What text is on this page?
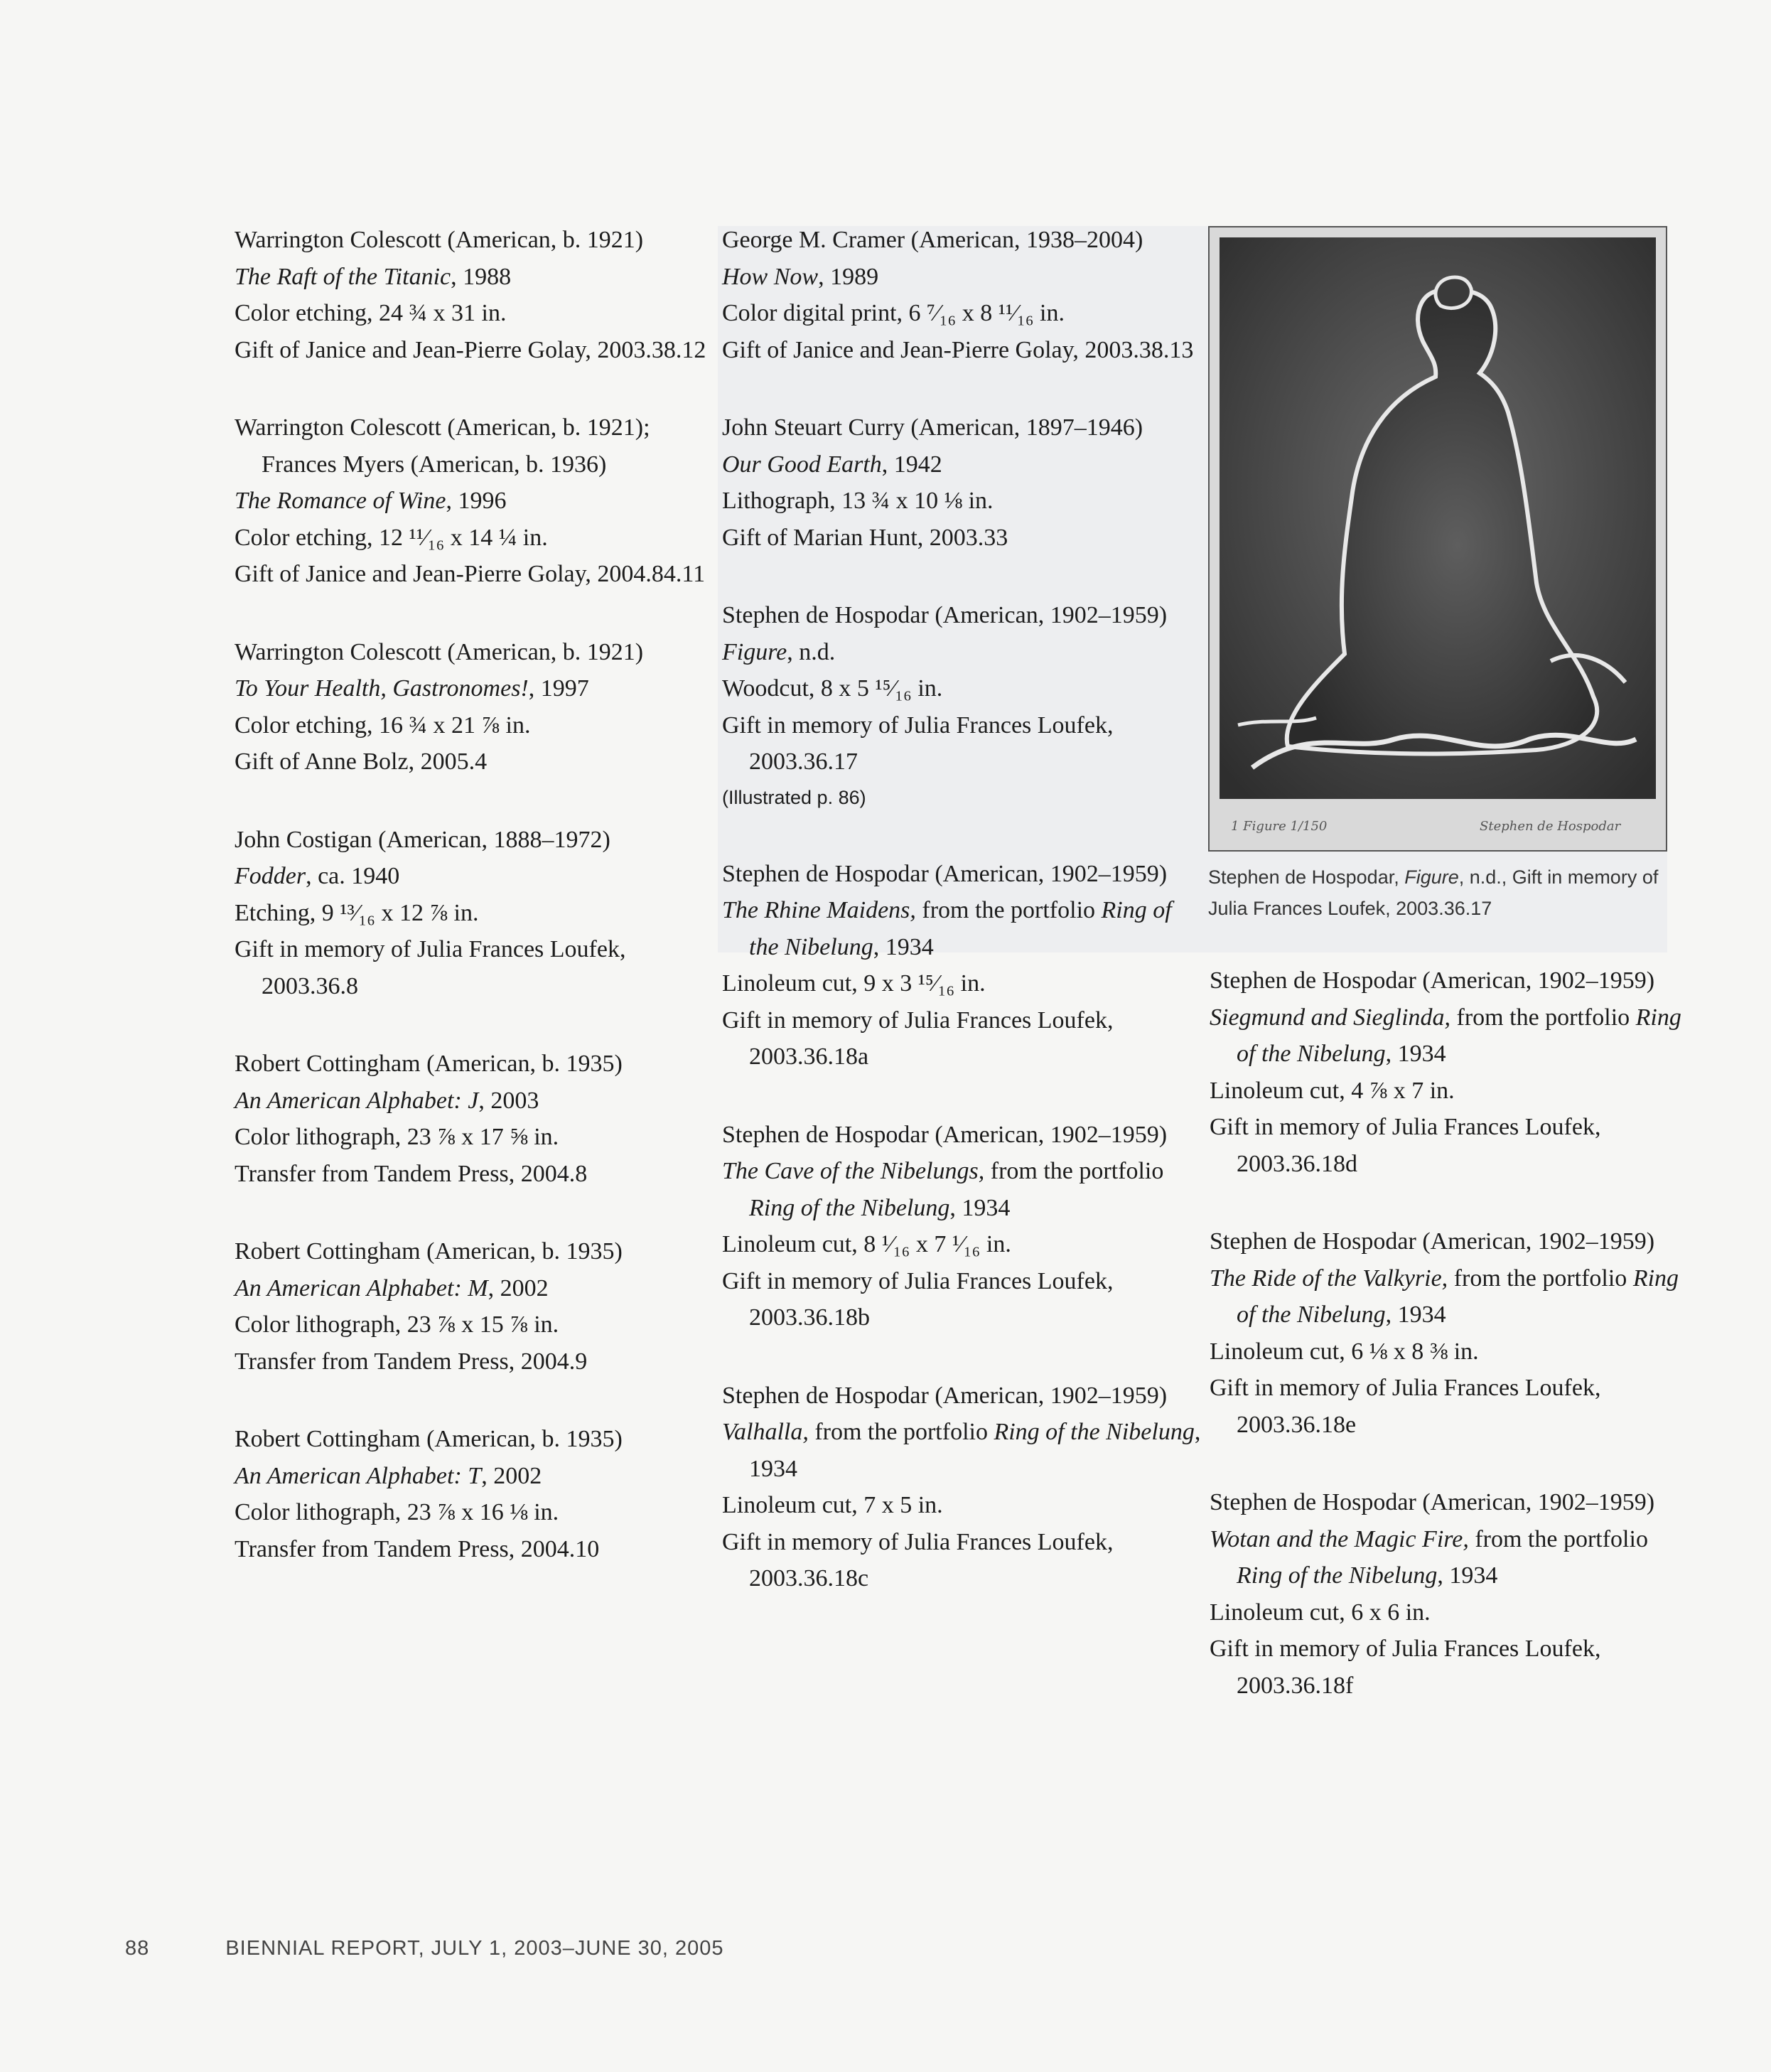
Warrington Colescott (American, b. 1921)

The Raft of the Titanic, 1988

Color etching, 24 ¾ x 31 in.

Gift of Janice and Jean-Pierre Golay, 2003.38.12

Warrington Colescott (American, b. 1921); Frances Myers (American, b. 1936)

The Romance of Wine, 1996

Color etching, 12 ¹¹⁄₁₆ x 14 ¼ in.

Gift of Janice and Jean-Pierre Golay, 2004.84.11

Warrington Colescott (American, b. 1921)

To Your Health, Gastronomes!, 1997

Color etching, 16 ¾ x 21 ⅞ in.

Gift of Anne Bolz, 2005.4

John Costigan (American, 1888–1972)

Fodder, ca. 1940

Etching, 9 ¹³⁄₁₆ x 12 ⅞ in.

Gift in memory of Julia Frances Loufek, 2003.36.8

Robert Cottingham (American, b. 1935)

An American Alphabet: J, 2003

Color lithograph, 23 ⅞ x 17 ⅝ in.

Transfer from Tandem Press, 2004.8

Robert Cottingham (American, b. 1935)

An American Alphabet: M, 2002

Color lithograph, 23 ⅞ x 15 ⅞ in.

Transfer from Tandem Press, 2004.9

Robert Cottingham (American, b. 1935)

An American Alphabet: T, 2002

Color lithograph, 23 ⅞ x 16 ⅛ in.

Transfer from Tandem Press, 2004.10

George M. Cramer (American, 1938–2004)

How Now, 1989

Color digital print, 6 ⁷⁄₁₆ x 8 ¹¹⁄₁₆ in.

Gift of Janice and Jean-Pierre Golay, 2003.38.13

John Steuart Curry (American, 1897–1946)

Our Good Earth, 1942

Lithograph, 13 ¾ x 10 ⅛ in.

Gift of Marian Hunt, 2003.33

Stephen de Hospodar (American, 1902–1959)

Figure, n.d.

Woodcut, 8 x 5 ¹⁵⁄₁₆ in.

Gift in memory of Julia Frances Loufek, 2003.36.17

(Illustrated p. 86)

Stephen de Hospodar (American, 1902–1959)

The Rhine Maidens, from the portfolio Ring of the Nibelung, 1934

Linoleum cut, 9 x 3 ¹⁵⁄₁₆ in.

Gift in memory of Julia Frances Loufek, 2003.36.18a

Stephen de Hospodar (American, 1902–1959)

The Cave of the Nibelungs, from the portfolio Ring of the Nibelung, 1934

Linoleum cut, 8 ¹⁄₁₆ x 7 ¹⁄₁₆ in.

Gift in memory of Julia Frances Loufek, 2003.36.18b

Stephen de Hospodar (American, 1902–1959)

Valhalla, from the portfolio Ring of the Nibelung, 1934

Linoleum cut, 7 x 5 in.

Gift in memory of Julia Frances Loufek, 2003.36.18c

Stephen de Hospodar (American, 1902–1959)

Siegmund and Sieglinda, from the portfolio Ring of the Nibelung, 1934

Linoleum cut, 4 ⅞ x 7 in.

Gift in memory of Julia Frances Loufek, 2003.36.18d

Stephen de Hospodar (American, 1902–1959)

The Ride of the Valkyrie, from the portfolio Ring of the Nibelung, 1934

Linoleum cut, 6 ⅛ x 8 ⅜ in.

Gift in memory of Julia Frances Loufek, 2003.36.18e

Stephen de Hospodar (American, 1902–1959)

Wotan and the Magic Fire, from the portfolio Ring of the Nibelung, 1934

Linoleum cut, 6 x 6 in.

Gift in memory of Julia Frances Loufek, 2003.36.18f

1 Figure 1/150	Stephen de Hospodar
Stephen de Hospodar, Figure, n.d., Gift in memory of Julia Frances Loufek, 2003.36.17
88	BIENNIAL REPORT, JULY 1, 2003–JUNE 30, 2005
